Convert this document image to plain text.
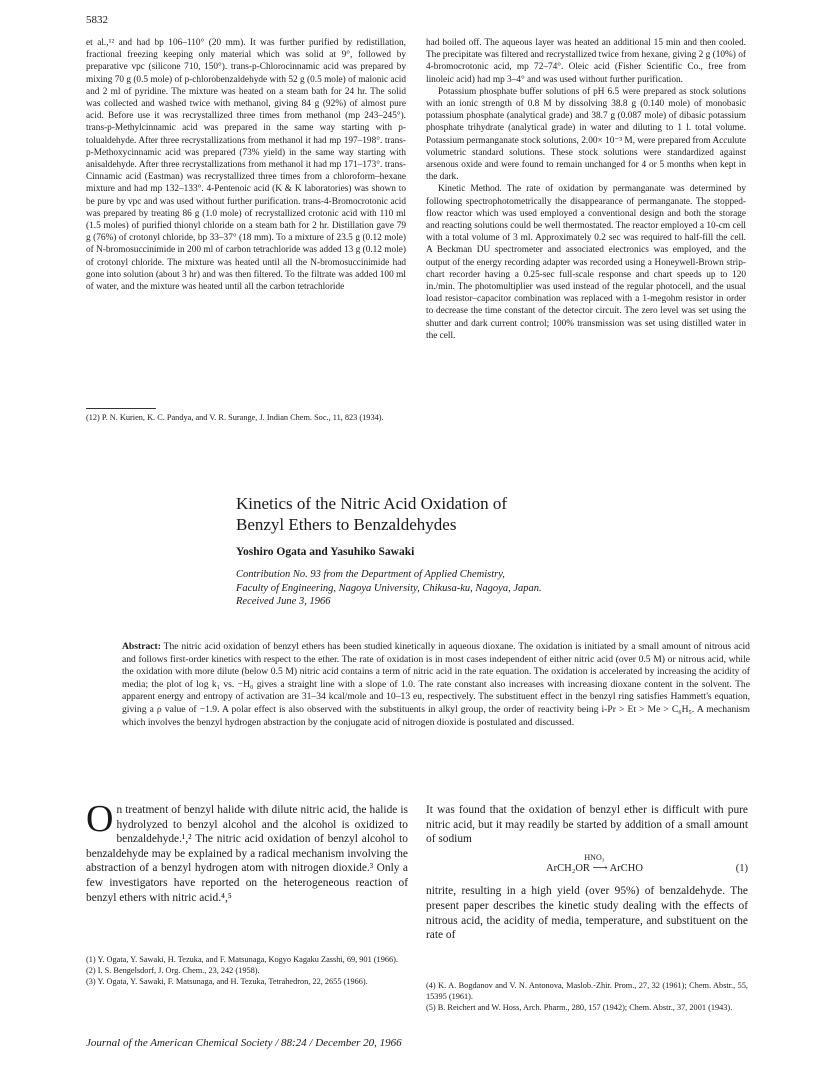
5832

et al.,¹² and had bp 106–110° (20 mm). It was further purified by redistillation, fractional freezing keeping only material which was solid at 9°, followed by preparative vpc (silicone 710, 150°). trans-p-Chlorocinnamic acid was prepared by mixing 70 g (0.5 mole) of p-chlorobenzaldehyde with 52 g (0.5 mole) of malonic acid and 2 ml of pyridine. The mixture was heated on a steam bath for 24 hr. The solid was collected and washed twice with methanol, giving 84 g (92%) of almost pure acid. Before use it was recrystallized three times from methanol (mp 243–245°). trans-p-Methylcinnamic acid was prepared in the same way starting with p-tolualdehyde. After three recrystallizations from methanol it had mp 197–198°. trans-p-Methoxycinnamic acid was prepared (73% yield) in the same way starting with anisaldehyde. After three recrystallizations from methanol it had mp 171–173°. trans-Cinnamic acid (Eastman) was recrystallized three times from a chloroform–hexane mixture and had mp 132–133°. 4-Pentenoic acid (K & K laboratories) was shown to be pure by vpc and was used without further purification. trans-4-Bromocrotonic acid was prepared by treating 86 g (1.0 mole) of recrystallized crotonic acid with 110 ml (1.5 moles) of purified thionyl chloride on a steam bath for 2 hr. Distillation gave 79 g (76%) of crotonyl chloride, bp 33–37° (18 mm). To a mixture of 23.5 g (0.12 mole) of N-bromosuccinimide in 200 ml of carbon tetrachloride was added 13 g (0.12 mole) of crotonyl chloride. The mixture was heated until all the N-bromosuccinimide had gone into solution (about 3 hr) and was then filtered. To the filtrate was added 100 ml of water, and the mixture was heated until all the carbon tetrachloride

had boiled off. The aqueous layer was heated an additional 15 min and then cooled. The precipitate was filtered and recrystallized twice from hexane, giving 2 g (10%) of 4-bromocrotonic acid, mp 72–74°. Oleic acid (Fisher Scientific Co., free from linoleic acid) had mp 3–4° and was used without further purification.

Potassium phosphate buffer solutions of pH 6.5 were prepared as stock solutions with an ionic strength of 0.8 M by dissolving 38.8 g (0.140 mole) of monobasic potassium phosphate (analytical grade) and 38.7 g (0.087 mole) of dibasic potassium phosphate trihydrate (analytical grade) in water and diluting to 1 l. total volume. Potassium permanganate stock solutions, 2.00× 10⁻³ M, were prepared from Acculute volumetric standard solutions. These stock solutions were standardized against arsenous oxide and were found to remain unchanged for 4 or 5 months when kept in the dark.

Kinetic Method. The rate of oxidation by permanganate was determined by following spectrophotometrically the disappearance of permanganate. The stopped-flow reactor which was used employed a conventional design and both the storage and reacting solutions could be well thermostated. The reactor employed a 10-cm cell with a total volume of 3 ml. Approximately 0.2 sec was required to half-fill the cell. A Beckman DU spectrometer and associated electronics was employed, and the output of the energy recording adapter was recorded using a Honeywell-Brown strip-chart recorder having a 0.25-sec full-scale response and chart speeds up to 120 in./min. The photomultiplier was used instead of the regular photocell, and the usual load resistor–capacitor combination was replaced with a 1-megohm resistor in order to decrease the time constant of the detector circuit. The zero level was set using the shutter and dark current control; 100% transmission was set using distilled water in the cell.

(12) P. N. Kurien, K. C. Pandya, and V. R. Surange, J. Indian Chem. Soc., 11, 823 (1934).
Kinetics of the Nitric Acid Oxidation of
Benzyl Ethers to Benzaldehydes
Yoshiro Ogata and Yasuhiko Sawaki
Contribution No. 93 from the Department of Applied Chemistry,
Faculty of Engineering, Nagoya University, Chikusa-ku, Nagoya, Japan.
Received June 3, 1966
Abstract: The nitric acid oxidation of benzyl ethers has been studied kinetically in aqueous dioxane. The oxidation is initiated by a small amount of nitrous acid and follows first-order kinetics with respect to the ether. The rate of oxidation is in most cases independent of either nitric acid (over 0.5 M) or nitrous acid, while the oxidation with more dilute (below 0.5 M) nitric acid contains a term of nitric acid in the rate equation. The oxidation is accelerated by increasing the acidity of media; the plot of log k₁ vs. −H₀ gives a straight line with a slope of 1.0. The rate constant also increases with increasing dioxane content in the solvent. The apparent energy and entropy of activation are 31–34 kcal/mole and 10–13 eu, respectively. The substituent effect in the benzyl ring satisfies Hammett's equation, giving a ρ value of −1.9. A polar effect is also observed with the substituents in alkyl group, the order of reactivity being i-Pr > Et > Me > C₆H₅. A mechanism which involves the benzyl hydrogen abstraction by the conjugate acid of nitrogen dioxide is postulated and discussed.
O n treatment of benzyl halide with dilute nitric acid, the halide is hydrolyzed to benzyl alcohol and the alcohol is oxidized to benzaldehyde.¹,² The nitric acid oxidation of benzyl alcohol to benzaldehyde may be explained by a radical mechanism involving the abstraction of a benzyl hydrogen atom with nitrogen dioxide.³ Only a few investigators have reported on the heterogeneous reaction of benzyl ethers with nitric acid.⁴,⁵
It was found that the oxidation of benzyl ether is difficult with pure nitric acid, but it may readily be started by addition of a small amount of sodium
HNO₃
ArCH₂OR ⟶ ArCHO	(1)
nitrite, resulting in a high yield (over 95%) of benzaldehyde. The present paper describes the kinetic study dealing with the effects of nitrous acid, the acidity of media, temperature, and substituent on the rate of
(1) Y. Ogata, Y. Sawaki, H. Tezuka, and F. Matsunaga, Kogyo Kagaku Zasshi, 69, 901 (1966).
(2) I. S. Bengelsdorf, J. Org. Chem., 23, 242 (1958).
(3) Y. Ogata, Y. Sawaki, F. Matsunaga, and H. Tezuka, Tetrahedron, 22, 2655 (1966).	(4) K. A. Bogdanov and V. N. Antonova, Maslob.-Zhir. Prom., 27, 32 (1961); Chem. Abstr., 55, 15395 (1961).
(5) B. Reichert and W. Hoss, Arch. Pharm., 280, 157 (1942); Chem. Abstr., 37, 2001 (1943).
Journal of the American Chemical Society / 88:24 / December 20, 1966
